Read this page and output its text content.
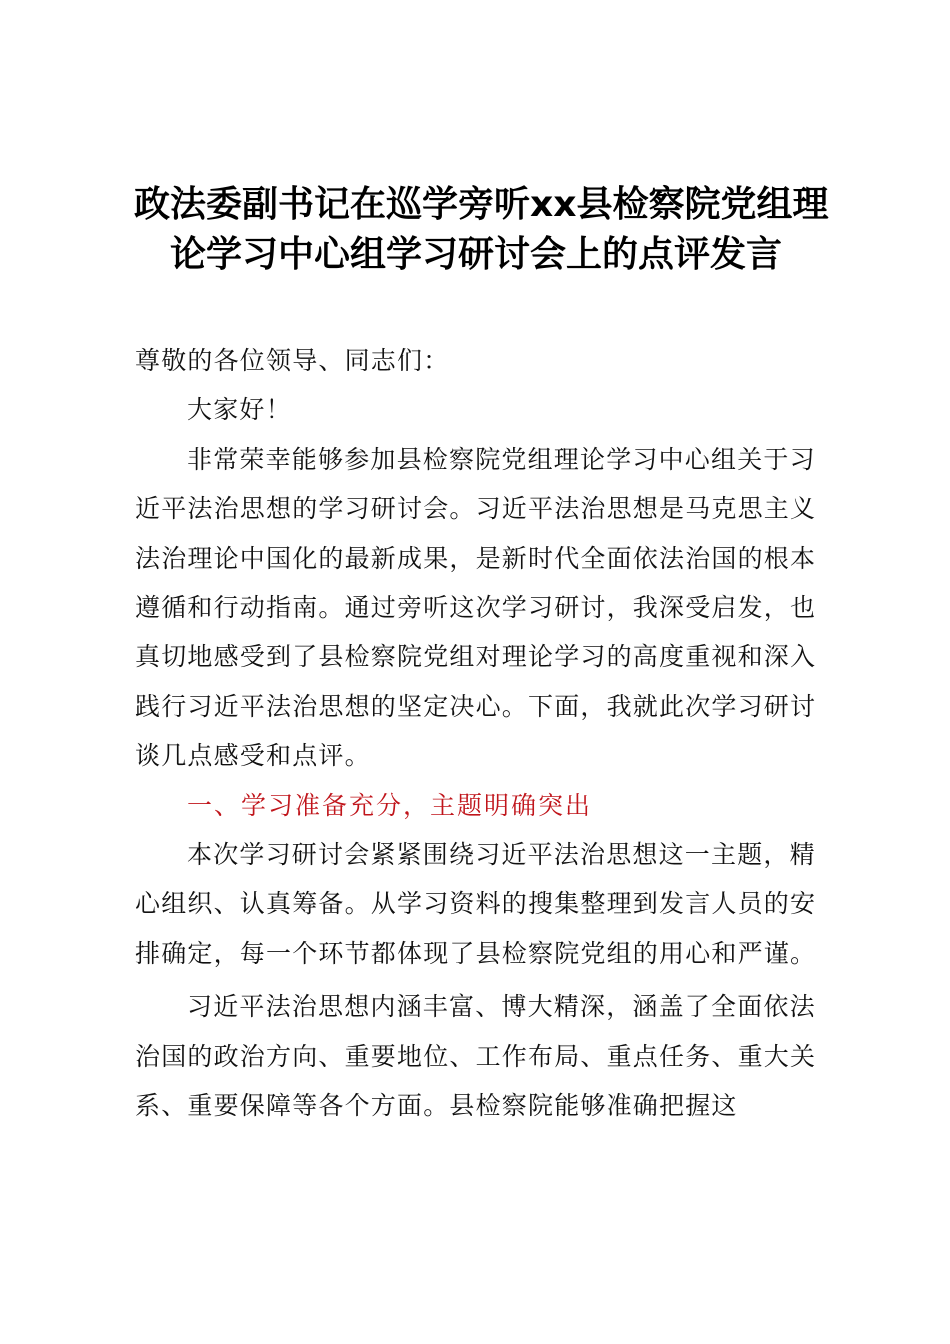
政法委副书记在巡学旁听xx县检察院党组理
论学习中心组学习研讨会上的点评发言

尊敬的各位领导、同志们：

大家好！

非常荣幸能够参加县检察院党组理论学习中心组关于习近平法治思想的学习研讨会。习近平法治思想是马克思主义法治理论中国化的最新成果，是新时代全面依法治国的根本遵循和行动指南。通过旁听这次学习研讨，我深受启发，也真切地感受到了县检察院党组对理论学习的高度重视和深入践行习近平法治思想的坚定决心。下面，我就此次学习研讨谈几点感受和点评。

一、学习准备充分，主题明确突出

本次学习研讨会紧紧围绕习近平法治思想这一主题，精心组织、认真筹备。从学习资料的搜集整理到发言人员的安排确定，每一个环节都体现了县检察院党组的用心和严谨。

习近平法治思想内涵丰富、博大精深，涵盖了全面依法治国的政治方向、重要地位、工作布局、重点任务、重大关系、重要保障等各个方面。县检察院能够准确把握这
